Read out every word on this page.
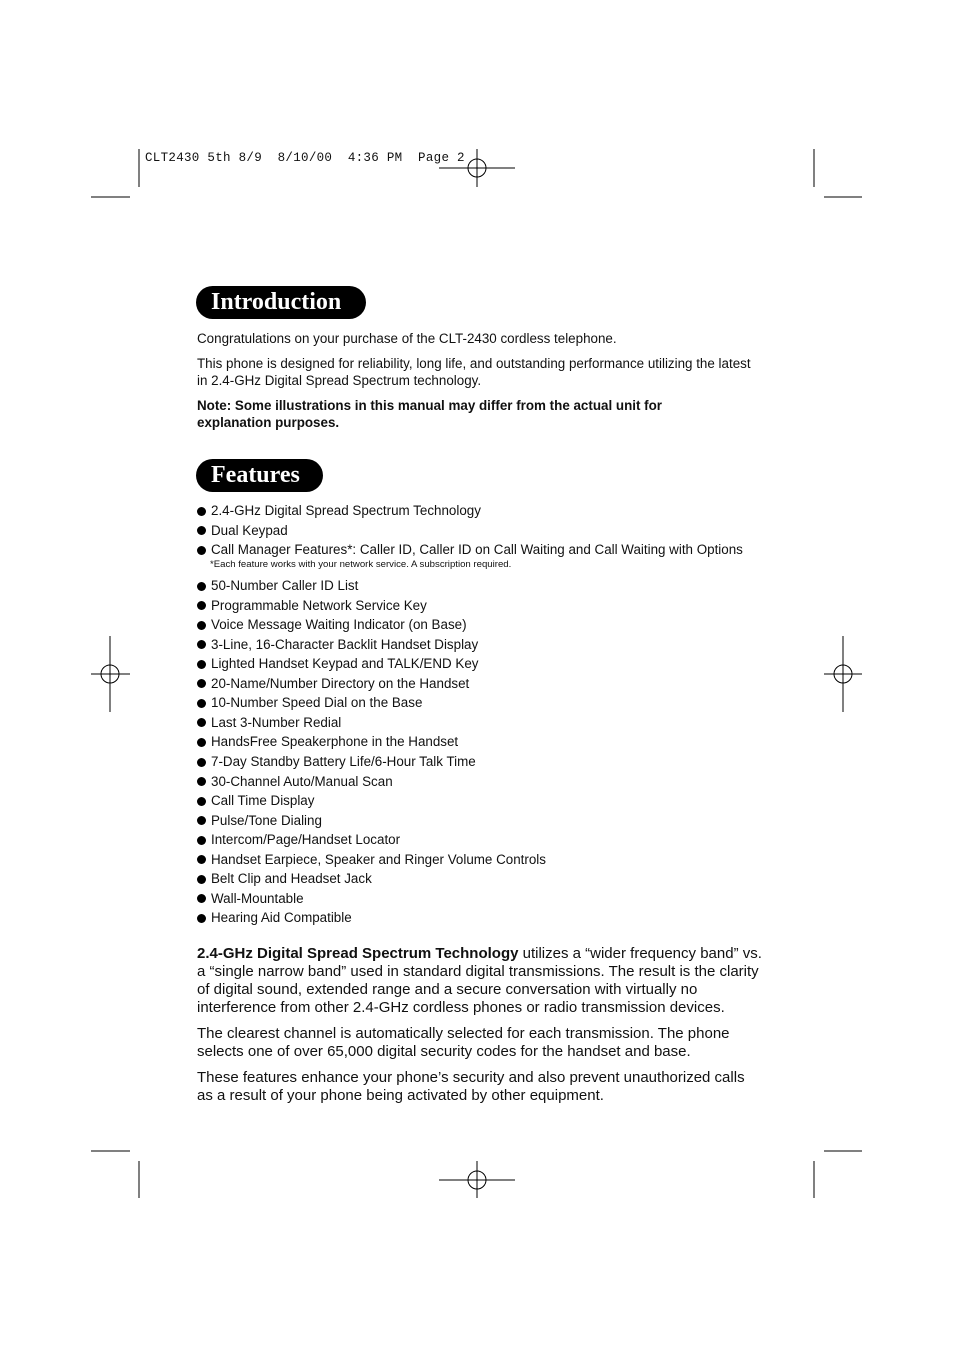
CLT2430 5th 8/9  8/10/00  4:36 PM  Page 2
Introduction

Congratulations on your purchase of the CLT-2430 cordless telephone.

This phone is designed for reliability, long life, and outstanding performance utilizing the latest in 2.4-GHz Digital Spread Spectrum technology.

Note: Some illustrations in this manual may differ from the actual unit for explanation purposes.

Features
2.4-GHz Digital Spread Spectrum Technology
Dual Keypad
Call Manager Features*: Caller ID, Caller ID on Call Waiting and Call Waiting with Options
*Each feature works with your network service. A subscription required.
50-Number Caller ID List
Programmable Network Service Key
Voice Message Waiting Indicator (on Base)
3-Line, 16-Character Backlit Handset Display
Lighted Handset Keypad and TALK/END Key
20-Name/Number Directory on the Handset
10-Number Speed Dial on the Base
Last 3-Number Redial
HandsFree Speakerphone in the Handset
7-Day Standby Battery Life/6-Hour Talk Time
30-Channel Auto/Manual Scan
Call Time Display
Pulse/Tone Dialing
Intercom/Page/Handset Locator
Handset Earpiece, Speaker and Ringer Volume Controls
Belt Clip and Headset Jack
Wall-Mountable
Hearing Aid Compatible

2.4-GHz Digital Spread Spectrum Technology utilizes a “wider frequency band” vs. a “single narrow band” used in standard digital transmissions. The result is the clarity of digital sound, extended range and a secure conversation with virtually no interference from other 2.4-GHz cordless phones or radio transmission devices.

The clearest channel is automatically selected for each transmission. The phone selects one of over 65,000 digital security codes for the handset and base.

These features enhance your phone’s security and also prevent unauthorized calls as a result of your phone being activated by other equipment.
